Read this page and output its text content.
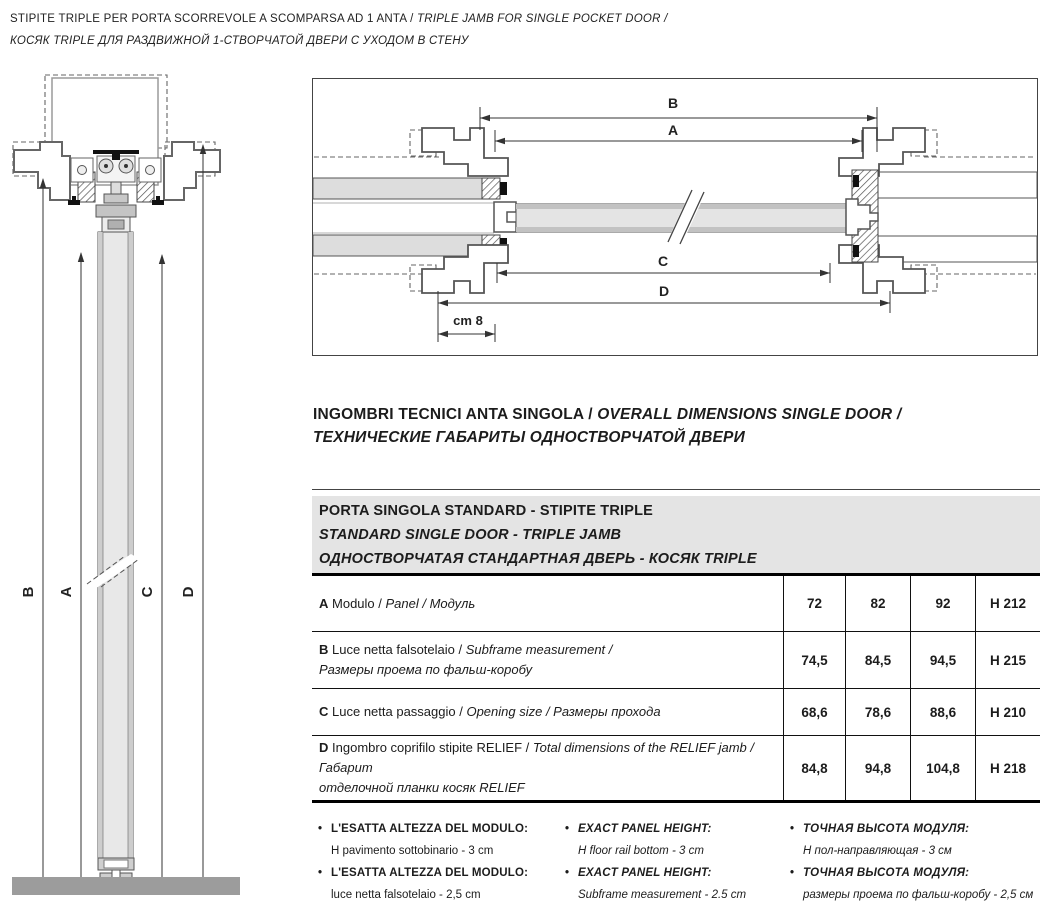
STIPITE TRIPLE PER PORTA SCORREVOLE A SCOMPARSA AD 1 ANTA / TRIPLE JAMB FOR SINGLE POCKET DOOR /
КОСЯК TRIPLE ДЛЯ РАЗДВИЖНОЙ 1-СТВОРЧАТОЙ ДВЕРИ С УХОДОМ В СТЕНУ
B A	C D
B
A
C
D
cm 8
INGOMBRI TECNICI ANTA SINGOLA / OVERALL DIMENSIONS SINGLE DOOR /
ТЕХНИЧЕСКИЕ ГАБАРИТЫ ОДНОСТВОРЧАТОЙ ДВЕРИ
PORTA SINGOLA STANDARD - STIPITE TRIPLE
STANDARD SINGLE DOOR - TRIPLE JAMB
ОДНОСТВОРЧАТАЯ СТАНДАРТНАЯ ДВЕРЬ - КОСЯК TRIPLE
A Modulo / Panel / Модуль	72	82	92	H 212
B Luce netta falsotelaio / Subframe measurement /
Размеры проема по фальш-коробу
74,5	84,5	94,5	H 215
C Luce netta passaggio / Opening size / Размеры прохода	68,6	78,6	88,6	H 210
D Ingombro coprifilo stipite RELIEF / Total dimensions of the RELIEF jamb / Габарит
отделочной планки косяк RELIEF
84,8	94,8	104,8	H 218
• L'ESATTA ALTEZZA DEL MODULO:
H pavimento sottobinario - 3 cm
• L'ESATTA ALTEZZA DEL MODULO:
luce netta falsotelaio - 2,5 cm
• EXACT PANEL HEIGHT:
H floor rail bottom - 3 cm
• EXACT PANEL HEIGHT:
Subframe measurement - 2.5 cm
• ТОЧНАЯ ВЫСОТА МОДУЛЯ:
Н пол-направляющая - 3 см
• ТОЧНАЯ ВЫСОТА МОДУЛЯ:
размеры проема по фальш-коробу - 2,5 см
